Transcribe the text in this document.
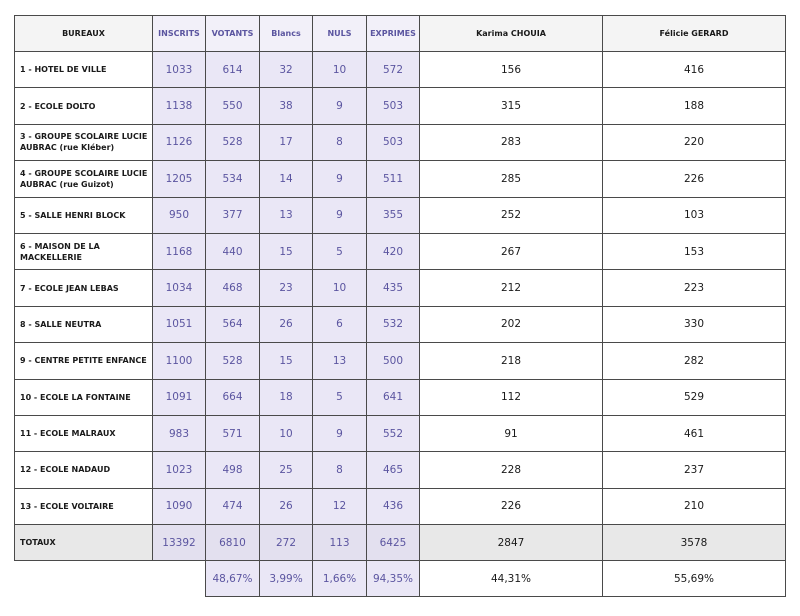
BUREAUX	INSCRITS	VOTANTS	Blancs	NULS	EXPRIMES	Karima CHOUIA	Félicie GERARD
1 - HOTEL DE VILLE	1033	614	32	10	572	156	416
2 - ECOLE DOLTO	1138	550	38	9	503	315	188
3 - GROUPE SCOLAIRE LUCIE AUBRAC (rue Kléber)	1126	528	17	8	503	283	220
4 - GROUPE SCOLAIRE LUCIE AUBRAC (rue Guizot)	1205	534	14	9	511	285	226
5 - SALLE HENRI BLOCK	950	377	13	9	355	252	103
6 - MAISON DE LA MACKELLERIE	1168	440	15	5	420	267	153
7 - ECOLE JEAN LEBAS	1034	468	23	10	435	212	223
8 - SALLE NEUTRA	1051	564	26	6	532	202	330
9 - CENTRE PETITE ENFANCE	1100	528	15	13	500	218	282
10 - ECOLE LA FONTAINE	1091	664	18	5	641	112	529
11 - ECOLE MALRAUX	983	571	10	9	552	91	461
12 - ECOLE NADAUD	1023	498	25	8	465	228	237
13 - ECOLE VOLTAIRE	1090	474	26	12	436	226	210
TOTAUX	13392	6810	272	113	6425	2847	3578
		48,67%	3,99%	1,66%	94,35%	44,31%	55,69%
